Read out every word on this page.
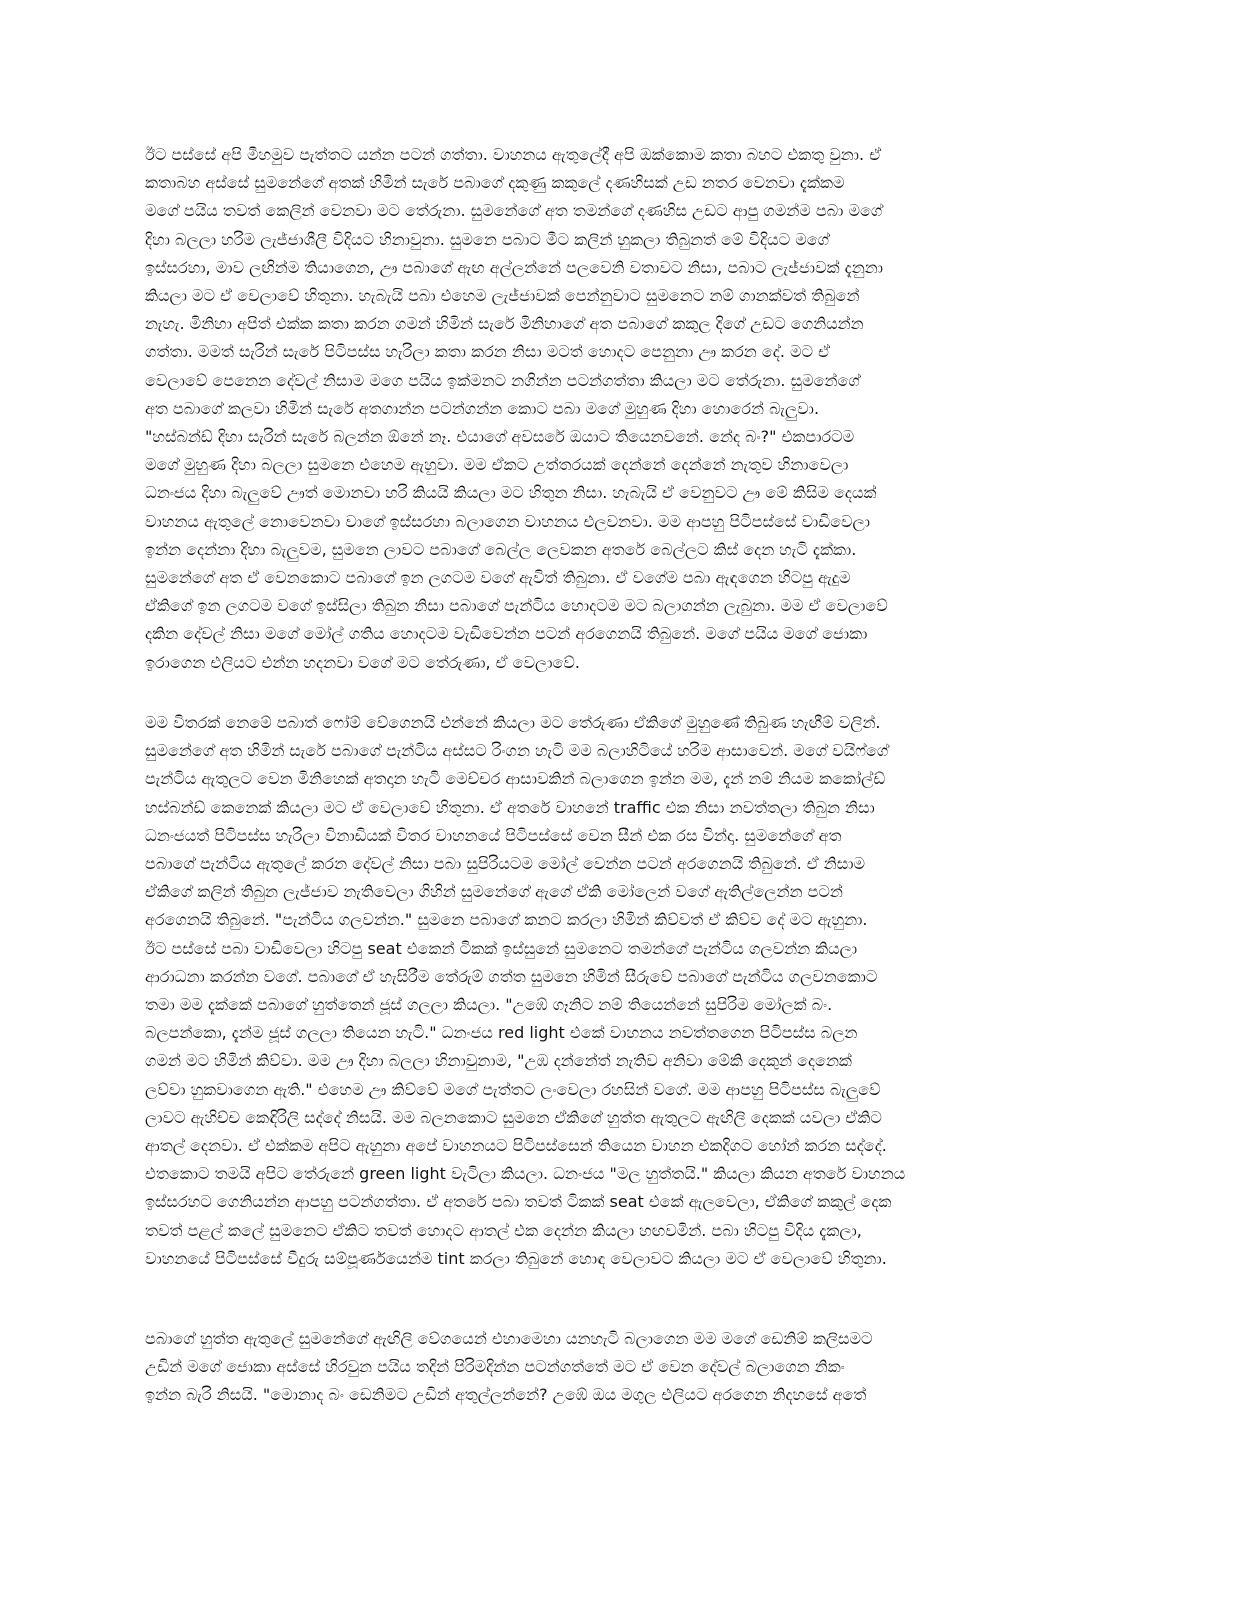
ඊට පස්සේ අපි මීහමුව පැත්තට යන්න පටන් ගත්තා. වාහනය ඇතුලේදී අපි ඔක්කොම කතා බහට එකතු වුනා. ඒ
කතාබහ අස්සේ සුමනේගේ අතක් හිමින් සැරේ පබාගේ දකුණු කකුලේ දණහිසක් උඩ නතර වෙනවා දැක්කම
මගේ පයිය තවත් කෙලින් වෙනවා මට තේරුනා. සුමනේගේ අත තමන්ගේ දණහිස උඩට ආපු ගමන්ම පබා මගේ
දිහා බලලා හරිම ලැජ්ජාශීලී විදියට හිනාවුනා. සුමනෙ පබාට මීට කලින් හුකලා තිබුනත් මේ විදියට මගේ
ඉස්සරහා, මාව ලඟින්ම තියාගෙන, ඌ පබාගේ ඇඟ අල්ලන්නේ පලවෙනි වතාවට නිසා, පබාට ලැජ්ජාවක් දැනුනා
කියලා මට ඒ වෙලාවේ හිතුනා. හැබැයි පබා එහෙම ලැජ්ජාවක් පෙන්නුවාට සුමනෙට නම් ගානක්වත් තිබුනේ
නැහැ. මිනිහා අපිත් එක්ක කතා කරන ගමන් හිමින් සැරේ මිනිහාගේ අත පබාගේ කකුල දිගේ උඩට ගෙනියන්න
ගත්තා. මමත් සැරින් සැරේ පිටිපස්ස හැරිලා කතා කරන නිසා මටත් හොදට පෙනුනා ඌ කරන දේ. මට ඒ
වෙලාවේ පෙනෙන දේවල් නිසාම මගෙ පයිය ඉක්මනට නගින්න පටන්ගත්තා කියලා මට තේරුනා. සුමනේගේ
අත පබාගේ කලවා හිමින් සැරේ අතගාන්න පටන්ගන්න කොට පබා මගේ මුහුණ දිහා හොරෙන් බැලුවා.
"හස්බන්ඩ් දිහා සැරින් සැරේ බලන්න ඕනේ නෑ. එයාගේ අවසරේ ඔයාට තියෙනවනේ. නේද බං?" එකපාරටම
මගේ මුහුණ දිහා බලලා සුමනෙ එහෙම ඇහුවා. මම ඒකට උත්තරයක් දෙන්නේ දෙන්නේ නැතුව හිනාවෙලා
ධනංජය දිහා බැලුවේ ඌත් මොනවා හරි කියයි කියලා මට හිතුන නිසා. හැබැයි ඒ වෙනුවට ඌ මේ කිසිම දෙයක්
වාහනය ඇතුලේ නොවෙනවා වාගේ ඉස්සරහා බලාගෙන වාහනය එලවනවා. මම ආපහු පිටිපස්සේ වාඩිවෙලා
ඉන්න දෙන්නා දිහා බැලුවම, සුමනෙ ලාවට පබාගේ බෙල්ල ලෙවකන අතරේ බෙල්ලට කිස් දෙන හැටි දැක්කා.
සුමනේගේ අත ඒ වෙනකොට පබාගේ ඉන ලගටම වගේ ඇවිත් තිබුනා. ඒ වගේම පබා ඇඳගෙන හිටපු ඇදුම
ඒකිගේ ඉන ලගටම වගේ ඉස්සිලා තිබුන නිසා පබාගේ පැන්ටිය හොදටම මට බලාගන්න ලැබුනා. මම ඒ වෙලාවේ
දකින දේවල් නිසා මගේ මෝල් ගතිය හොදටම වැඩිවෙන්න පටන් අරගෙනයි තිබුනේ. මගේ පයිය මගේ ජොකා
ඉරාගෙන එලියට එන්න හදනවා වගේ මට තේරුණා, ඒ වෙලාවේ.
මම විතරක් නෙමේ පබාත් ෆෝම් වේගෙනයි එන්නේ කියලා මට තේරුණා ඒකිගේ මුහුණේ තිබුණ හැඟීම් වලින්.
සුමනේගේ අත හිමින් සැරේ පබාගේ පැන්ටිය අස්සට රිංගන හැටි මම බලාහිටියේ හරිම ආසාවෙන්. මගේ වයිෆ්ගේ
පැන්ටිය ඇතුලට වෙන මිනිහෙක් අතදාන හැටි මෙච්චර ආසාවකින් බලාගෙන ඉන්න මම, දැන් නම් නියම කකෝල්ඩ්
හස්බන්ඩ් කෙනෙක් කියලා මට ඒ වෙලාවේ හිතුනා. ඒ අතරේ වාහනේ traffic එක නිසා නවත්තලා තිබුන නිසා
ධනංජයත් පිටිපස්ස හැරිලා විනාඩියක් විතර වාහනයේ පිටිපස්සේ වෙන සීන් එක රස වින්දා. සුමනේගේ අත
පබාගේ පැන්ටිය ඇතුලේ කරන දේවල් නිසා පබා සුපිරියටම මෝල් වෙන්න පටන් අරගෙනයි තිබුනේ. ඒ නිසාම
ඒකිගේ කලින් තිබුන ලැජ්ජාව නැතිවෙලා ගිහින් සුමනේගේ ඇගේ ඒකි මෝලෙන් වගේ ඇතිල්ලෙන්න පටන්
අරගෙනයි තිබුනේ. "පැන්ටිය ගලවන්න." සුමනෙ පබාගේ කනට කරලා හිමින් කිව්වත් ඒ කිව්ව දේ මට ඇහුනා.
ඊට පස්සේ පබා වාඩිවෙලා හිටපු seat එකෙන් ටිකක් ඉස්සුනේ සුමනෙට තමන්ගේ පැන්ටිය ගලවන්න කියලා
ආරාධනා කරන්න වගේ. පබාගේ ඒ හැසිරීම තේරුම් ගත්ත සුමනෙ හිමින් සීරුවේ පබාගේ පැන්ටිය ගලවනකොට
තමා මම දැක්කේ පබාගේ හුත්තෙන් ජූස් ගලලා කියලා. "උඹේ ගෑනිට නම් තියෙන්නේ සුපිරිම මෝලක් බං.
බලපන්කො, දැන්ම ජූස් ගලලා තියෙන හැටි." ධනංජය red light එකේ වාහනය නවත්තගෙන පිටිපස්ස බලන
ගමන් මට හිමින් කිව්වා. මම ඌ දිහා බලලා හිනාවුනාම, "උඹ දන්නේත් නැතිව අනිවා මේකි දෙකුන් දෙනෙක්
ලව්වා හුකවාගෙන ඇති." එහෙම ඌ කිව්වේ මගේ පැත්තට ලංවෙලා රහසින් වගේ. මම ආපහු පිටිපස්ස බැලුවේ
ලාවට ඇහිච්ච කෙඳිරිලි සද්දේ නිසයි. මම බලනකොට සුමනෙ ඒකිගේ හුත්ත ඇතුලට ඇඟිලි දෙකක් යවලා ඒකිට
ආතල් දෙනවා. ඒ එක්කම අපිට ඇහුනා අපේ වාහනයට පිටිපස්සෙන් තියෙන වාහන එකදිගට හෝන් කරන සද්දේ.
එතකොට තමයි අපිට තේරුනේ green light වැටිලා කියලා. ධනංජය "මල හුත්තයි." කියලා කියන අතරේ වාහනය
ඉස්සරහට ගෙනියන්න ආපහු පටන්ගත්තා. ඒ අතරේ පබා තවත් ටිකක් seat එකේ ඇලවෙලා, ඒකිගේ කකුල් දෙක
තවත් පළල් කලේ සුමනෙට ඒකිට තවත් හොදට ආතල් එක දෙන්න කියලා හඟවමින්. පබා හිටපු විදිය දැකලා,
වාහනයේ පිටිපස්සේ වීදුරු සම්පූර්ණයෙන්ම tint කරලා තිබුනේ හොඳ වෙලාවට කියලා මට ඒ වෙලාවේ හිතුනා.
පබාගේ හුත්ත ඇතුලේ සුමනේගේ ඇඟිලි වේගයෙන් එහාමෙහා යනහැටි බලාගෙන මම මගේ ඩෙනිම් කලිසමට
උඩින් මගේ ජොකා අස්සේ හිරවුන පයිය තදින් පිරිමදින්න පටන්ගත්තේ මට ඒ වෙන දේවල් බලාගෙන නිකං
ඉන්න බැරි නිසයි. "මොනාද බං ඩෙනිමට උඩින් අතුල්ලන්නේ? උඹේ ඔය මගුල එලියට අරගෙන නිදහසේ අතේ
